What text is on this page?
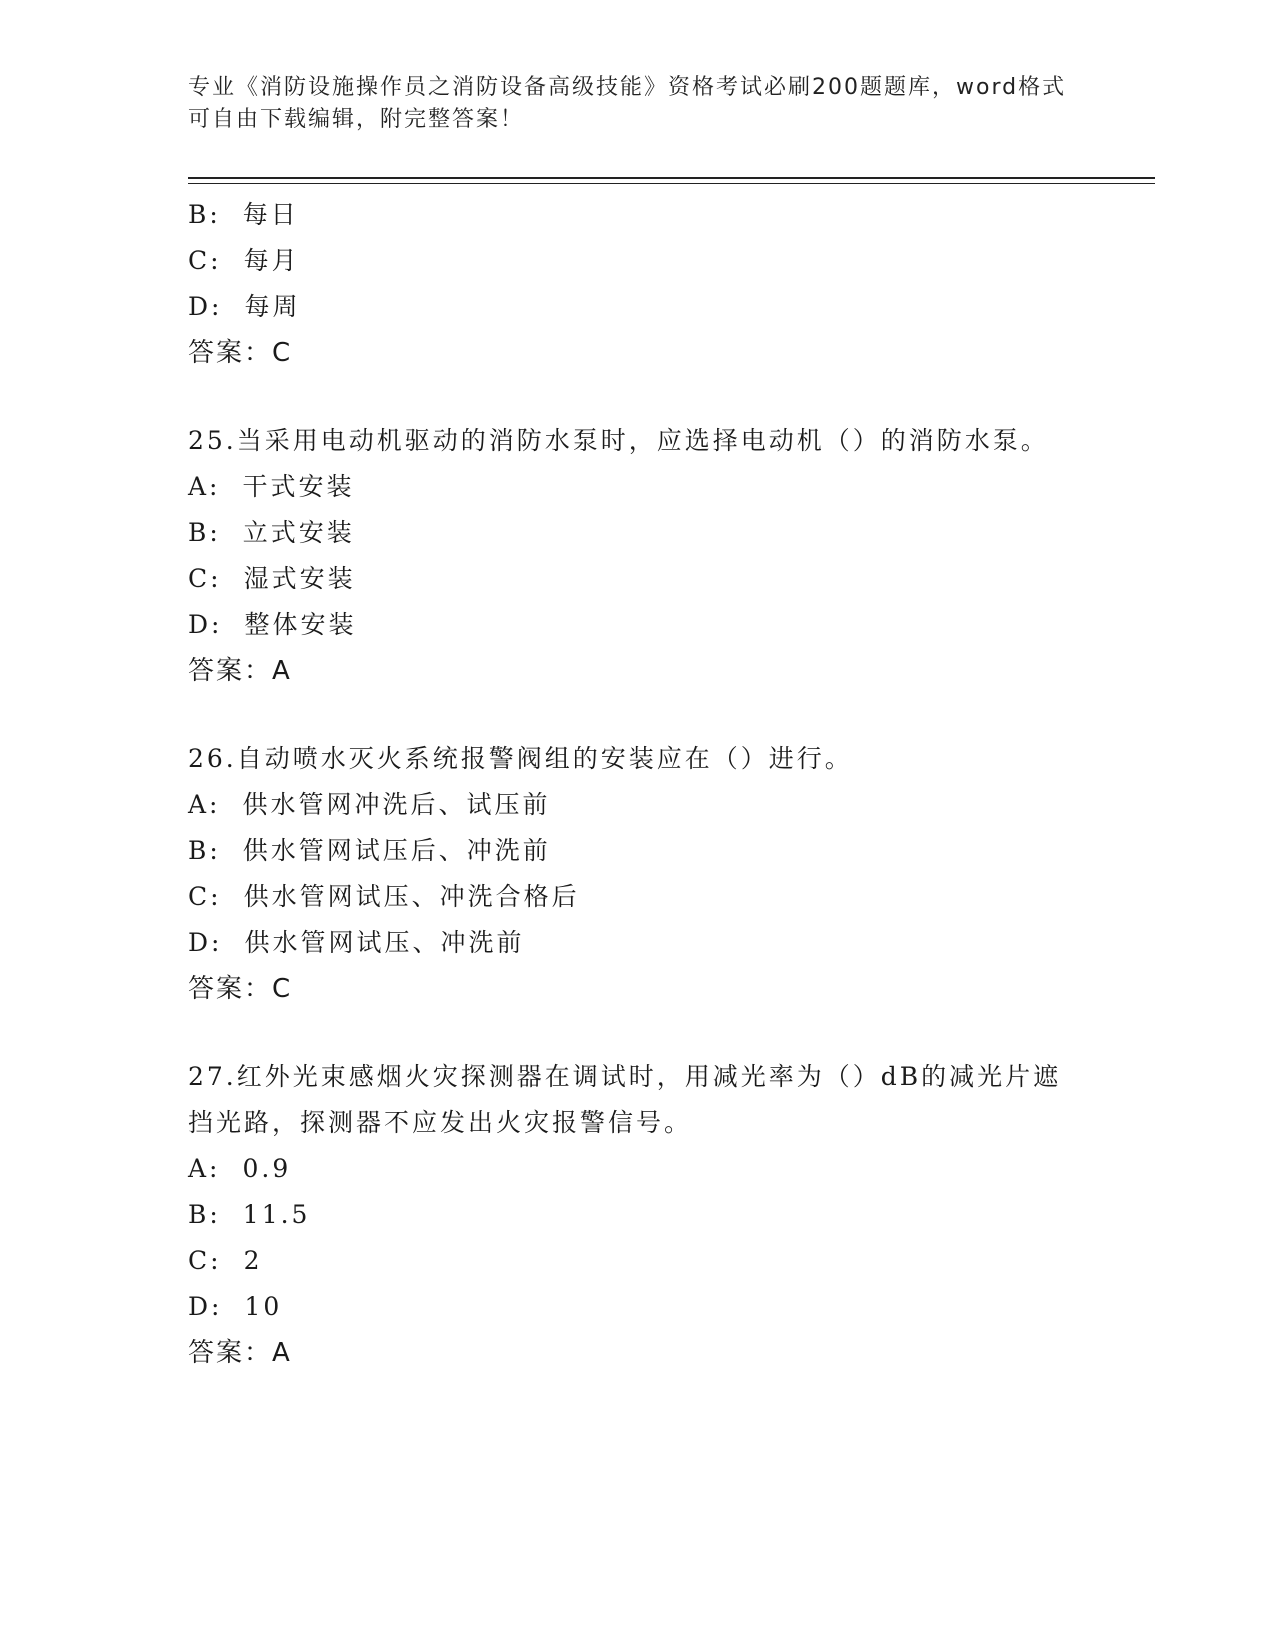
专业《消防设施操作员之消防设备高级技能》资格考试必刷200题题库，word格式可自由下载编辑，附完整答案！
B: 每日
C: 每月
D: 每周
答案：C
25.当采用电动机驱动的消防水泵时，应选择电动机（）的消防水泵。
A: 干式安装
B: 立式安装
C: 湿式安装
D: 整体安装
答案：A
26.自动喷水灭火系统报警阀组的安装应在（）进行。
A: 供水管网冲洗后、试压前
B: 供水管网试压后、冲洗前
C: 供水管网试压、冲洗合格后
D: 供水管网试压、冲洗前
答案：C
27.红外光束感烟火灾探测器在调试时，用减光率为（）dB的减光片遮挡光路，探测器不应发出火灾报警信号。
A: 0.9
B: 11.5
C: 2
D: 10
答案：A
